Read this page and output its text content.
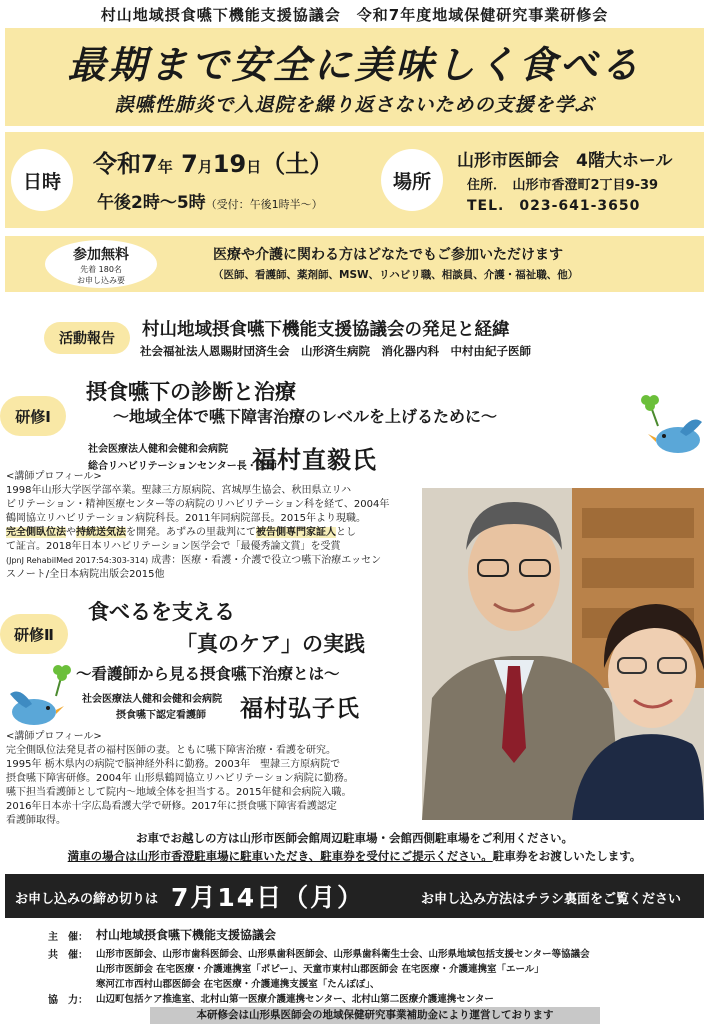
村山地域摂食嚥下機能支援協議会　令和7年度地域保健研究事業研修会
最期まで安全に美味しく食べる
誤嚥性肺炎で入退院を繰り返さないための支援を学ぶ
日時
令和7年 7月19日（土）
午後2時～5時（受付：午後1時半～）
場所
山形市医師会　4階大ホール
住所．　山形市香澄町2丁目9-39
TEL.　023-641-3650
参加無料
先着 180名
お申し込み要
医療や介護に関わる方はどなたでもご参加いただけます
（医師、看護師、薬剤師、MSW、リハビリ職、相談員、介護・福祉職、他）
活動報告	村山地域摂食嚥下機能支援協議会の発足と経緯
社会福祉法人恩賜財団済生会　山形済生病院　消化器内科　中村由紀子医師
研修Ⅰ
摂食嚥下の診断と治療
～地域全体で嚥下障害治療のレベルを上げるために～
社会医療法人健和会健和会病院
総合リハビリテーションセンター長・医師
福村直毅氏
<講師プロフィール>
1998年山形大学医学部卒業。聖隷三方原病院、宮城厚生協会、秋田県立リハ
ビリテーション・精神医療センター等の病院のリハビリテーション科を経て、2004年
鶴岡協立リハビリテーション病院科長。2011年同病院部長。2015年より現職。
完全側臥位法や持続送気法を開発。あずみの里裁判にて被告側専門家証人とし
て証言。2018年日本リハビリテーション医学会で「最優秀論文賞」を受賞
(JpnJ RehabilMed 2017:54:303-314) 成書：医療・看護・介護で役立つ嚥下治療エッセン
スノート/全日本病院出版会2015他
研修Ⅱ
食べるを支える
「真のケア」の実践
～看護師から見る摂食嚥下治療とは～
社会医療法人健和会健和会病院
摂食嚥下認定看護師 福村弘子氏
<講師プロフィール>
完全側臥位法発見者の福村医師の妻。ともに嚥下障害治療・看護を研究。
1995年 栃木県内の病院で脳神経外科に勤務。2003年　聖隷三方原病院で
摂食嚥下障害研修。2004年 山形県鶴岡協立リハビリテーション病院に勤務。
嚥下担当看護師として院内～地域全体を担当する。2015年健和会病院入職。
2016年日本赤十字広島看護大学で研修。2017年に摂食嚥下障害看護認定
看護師取得。
お車でお越しの方は山形市医師会館周辺駐車場・会館西側駐車場をご利用ください。
満車の場合は山形市香澄駐車場に駐車いただき、駐車券を受付にご提示ください。駐車券をお渡しいたします。
お申し込みの締め切りは 7月14日（月）	お申し込み方法はチラシ裏面をご覧ください
主　催： 村山地域摂食嚥下機能支援協議会
共　催： 山形市医師会、山形市歯科医師会、山形県歯科医師会、山形県歯科衛生士会、山形県地域包括支援センター等協議会
山形市医師会 在宅医療・介護連携室「ポピー」、天童市東村山郡医師会 在宅医療・介護連携室「エール」
寒河江市西村山郡医師会 在宅医療・介護連携支援室「たんぽぽ」、
協　力： 山辺町包括ケア推進室、北村山第一医療介護連携センター、北村山第二医療介護連携センター
本研修会は山形県医師会の地域保健研究事業補助金により運営しております
